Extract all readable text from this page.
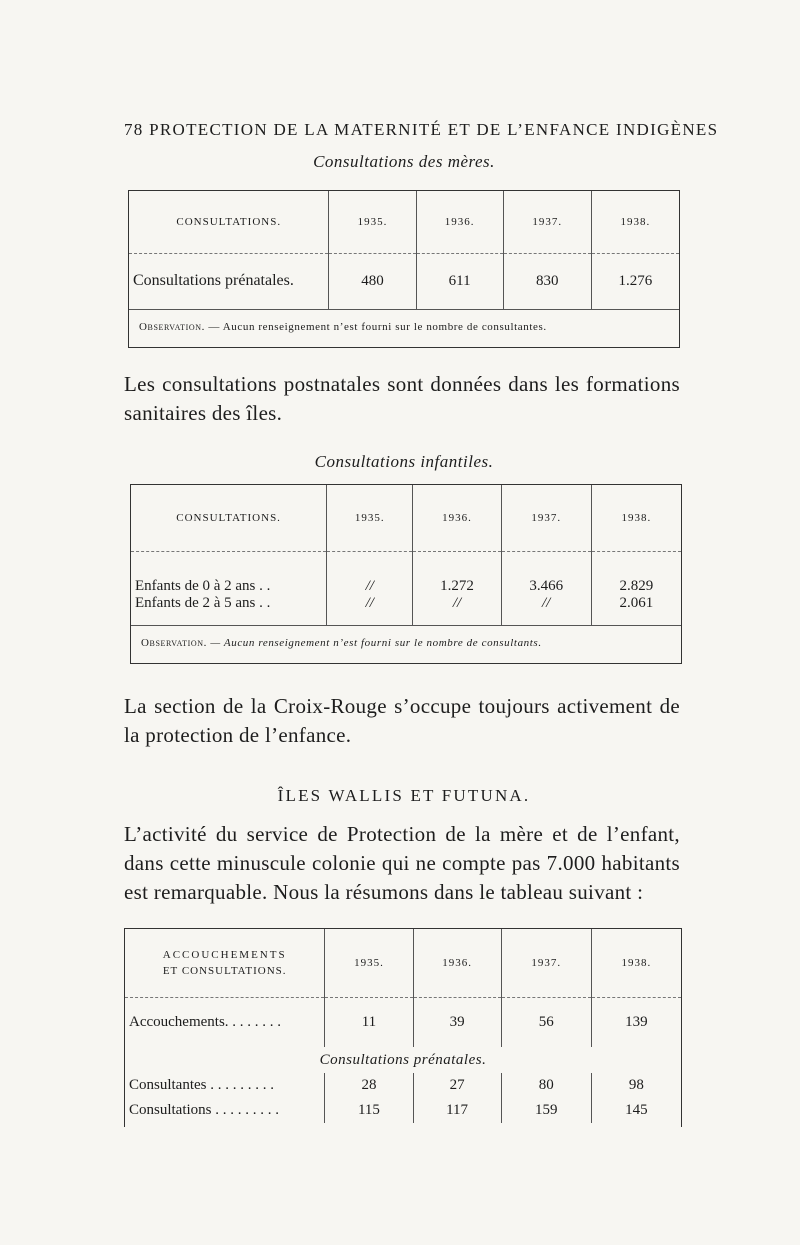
78 PROTECTION DE LA MATERNITÉ ET DE L’ENFANCE INDIGÈNES
Consultations des mères.
CONSULTATIONS.	1935.	1936.	1937.	1938.
Consultations prénatales.	480	611	830	1.276
Observation. — Aucun renseignement n’est fourni sur le nombre de consultantes.				

Les consultations postnatales sont données dans les formations sanitaires des îles.

Consultations infantiles.
CONSULTATIONS.	1935.	1936.	1937.	1938.
Enfants de 0 à 2 ans . .	//	1.272	3.466	2.829
Enfants de 2 à 5 ans . .	//	//	//	2.061
Observation. — Aucun renseignement n’est fourni sur le nombre de consultants.				

La section de la Croix-Rouge s’occupe toujours activement de la protection de l’enfance.

ÎLES WALLIS ET FUTUNA.

L’activité du service de Protection de la mère et de l’enfant, dans cette minuscule colonie qui ne compte pas 7.000 habitants est remarquable. Nous la résumons dans le tableau suivant :

ACCOUCHEMENTS
ET CONSULTATIONS.	1935.	1936.	1937.	1938.
Accouchements. . . . . . . .	11	39	56	139
Consultations prénatales.				
Consultantes . . . . . . . . .	28	27	80	98
Consultations . . . . . . . . .	115	117	159	145
